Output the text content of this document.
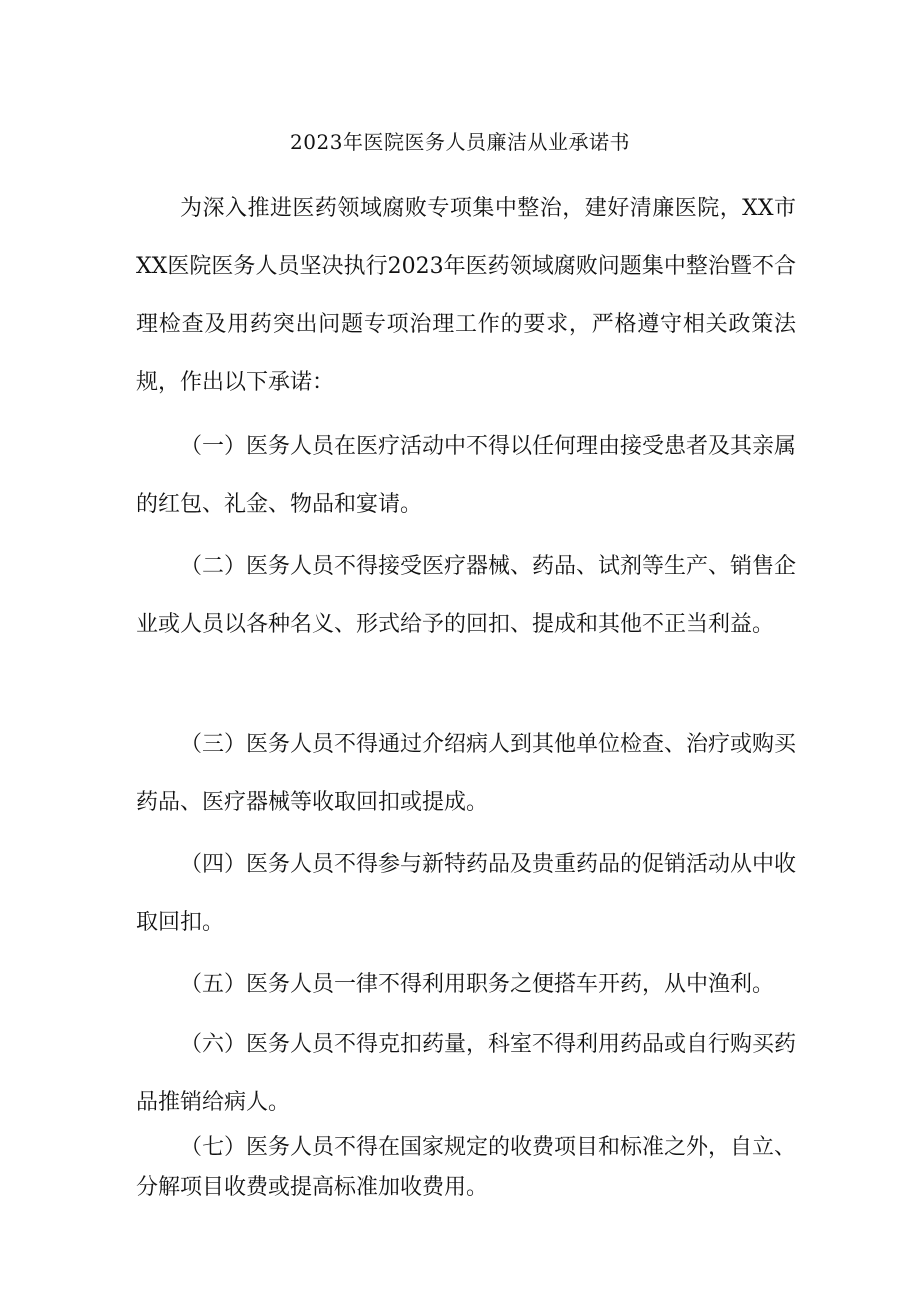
2023年医院医务人员廉洁从业承诺书

为深入推进医药领域腐败专项集中整治，建好清廉医院，XX市XX医院医务人员坚决执行2023年医药领域腐败问题集中整治暨不合理检查及用药突出问题专项治理工作的要求，严格遵守相关政策法规，作出以下承诺：

（一）医务人员在医疗活动中不得以任何理由接受患者及其亲属的红包、礼金、物品和宴请。

（二）医务人员不得接受医疗器械、药品、试剂等生产、销售企业或人员以各种名义、形式给予的回扣、提成和其他不正当利益。

（三）医务人员不得通过介绍病人到其他单位检查、治疗或购买药品、医疗器械等收取回扣或提成。

（四）医务人员不得参与新特药品及贵重药品的促销活动从中收取回扣。

（五）医务人员一律不得利用职务之便搭车开药，从中渔利。

（六）医务人员不得克扣药量，科室不得利用药品或自行购买药品推销给病人。

（七）医务人员不得在国家规定的收费项目和标准之外，自立、分解项目收费或提高标准加收费用。
